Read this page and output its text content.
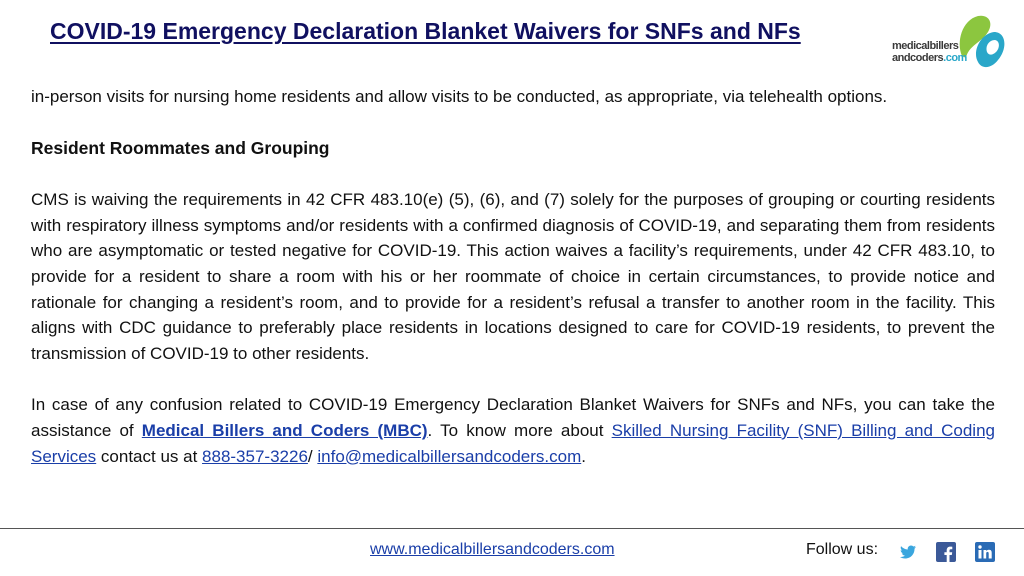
COVID-19 Emergency Declaration Blanket Waivers for SNFs and NFs
medicalbillers
andcoders.com

in-person visits for nursing home residents and allow visits to be conducted, as appropriate, via telehealth options.

Resident Roommates and Grouping

CMS is waiving the requirements in 42 CFR 483.10(e) (5), (6), and (7) solely for the purposes of grouping or courting residents with respiratory illness symptoms and/or residents with a confirmed diagnosis of COVID-19, and separating them from residents who are asymptomatic or tested negative for COVID-19. This action waives a facility’s requirements, under 42 CFR 483.10, to provide for a resident to share a room with his or her roommate of choice in certain circumstances, to provide notice and rationale for changing a resident’s room, and to provide for a resident’s refusal a transfer to another room in the facility. This aligns with CDC guidance to preferably place residents in locations designed to care for COVID-19 residents, to prevent the transmission of COVID-19 to other residents.

In case of any confusion related to COVID-19 Emergency Declaration Blanket Waivers for SNFs and NFs, you can take the assistance of Medical Billers and Coders (MBC). To know more about Skilled Nursing Facility (SNF) Billing and Coding Services contact us at 888-357-3226/ info@medicalbillersandcoders.com.

www.medicalbillersandcoders.com	Follow us:
